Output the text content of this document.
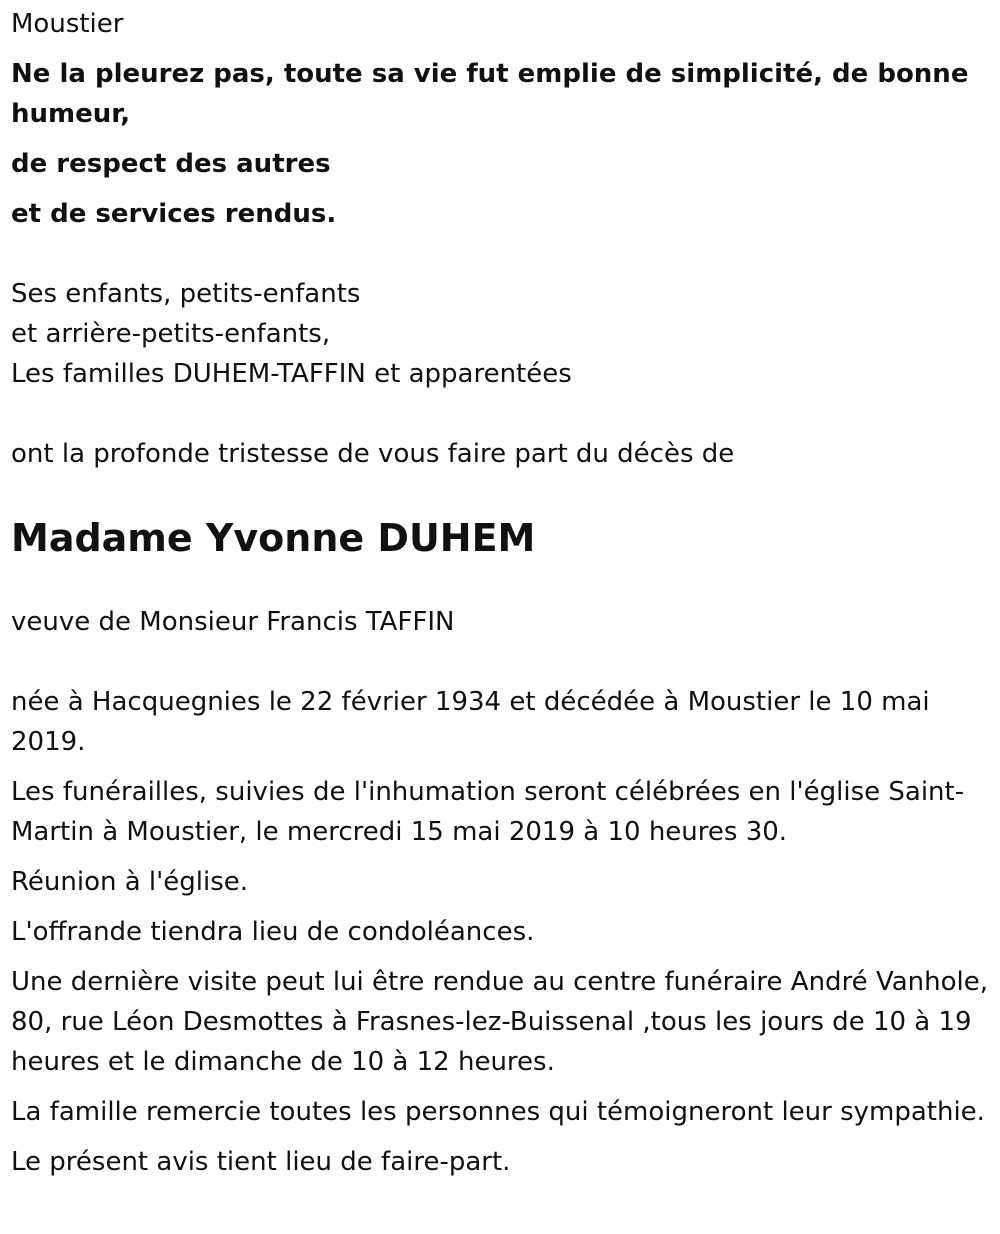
Moustier

Ne la pleurez pas, toute sa vie fut emplie de simplicité, de bonne humeur,

de respect des autres

et de services rendus.

Ses enfants, petits-enfants

et arrière-petits-enfants,

Les familles DUHEM-TAFFIN et apparentées

ont la profonde tristesse de vous faire part du décès de

Madame Yvonne DUHEM

veuve de Monsieur Francis TAFFIN

née à Hacquegnies le 22 février 1934 et décédée à Moustier le 10 mai 2019.

Les funérailles, suivies de l'inhumation seront célébrées en l'église Saint-Martin à Moustier, le mercredi 15 mai 2019 à 10 heures 30.

Réunion à l'église.

L'offrande tiendra lieu de condoléances.

Une dernière visite peut lui être rendue au centre funéraire André Vanhole, 80, rue Léon Desmottes à Frasnes-lez-Buissenal ,tous les jours de 10 à 19 heures et le dimanche de 10 à 12 heures.

La famille remercie toutes les personnes qui témoigneront leur sympathie.

Le présent avis tient lieu de faire-part.
